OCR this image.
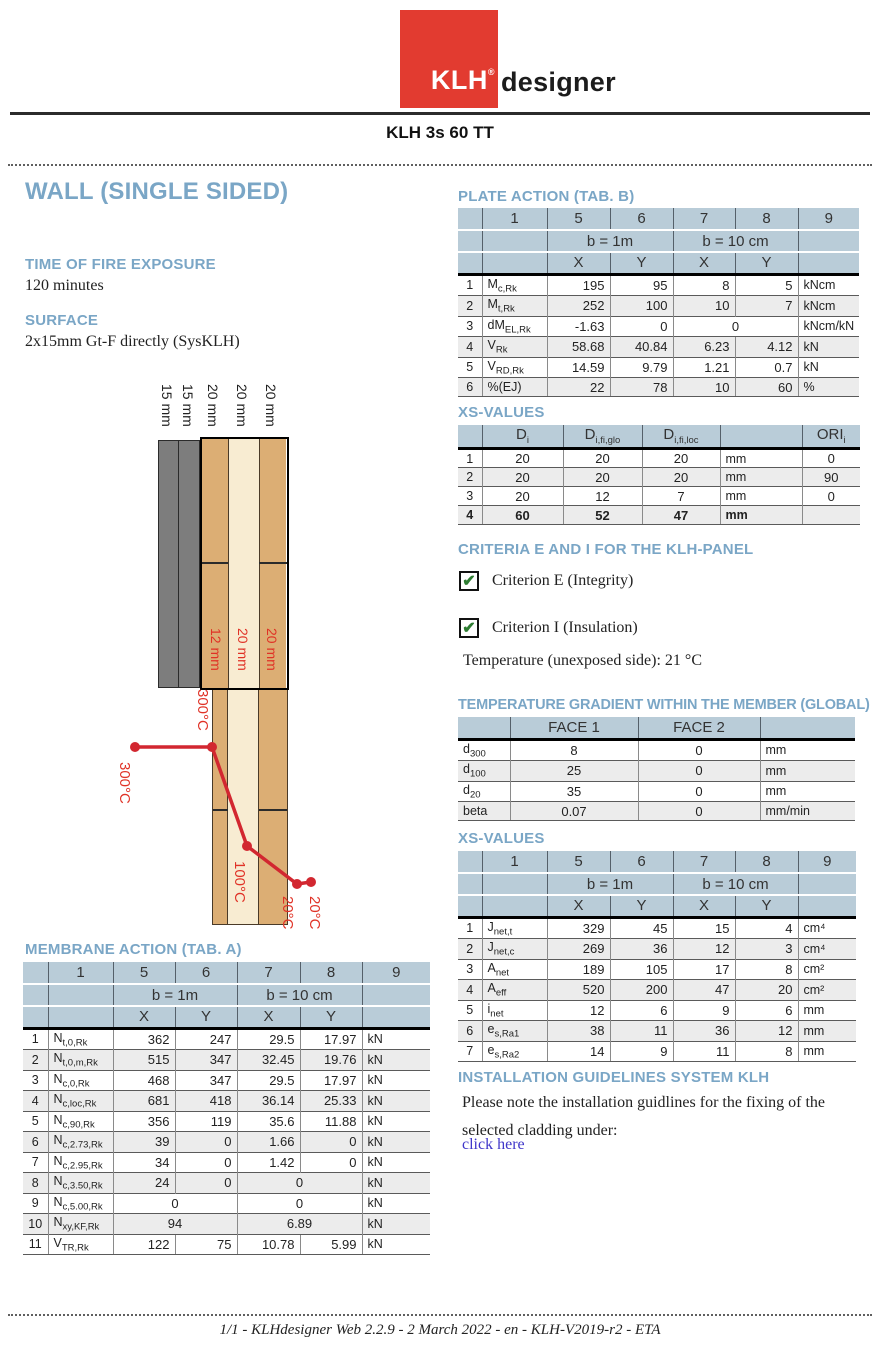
KLH® designer
KLH 3s 60 TT
WALL (SINGLE SIDED)
TIME OF FIRE EXPOSURE
120 minutes
SURFACE
2x15mm Gt-F directly (SysKLH)
15 mm 15 mm 20 mm 20 mm 20 mm
12 mm 20 mm 20 mm
300°C
300°C
100°C
20°C 20°C
MEMBRANE ACTION (TAB. A)
	1	5	6	7	8	9
		b = 1m		b = 10 cm		
		X	Y	X	Y	
1	$N_{t,0,Rk}$	362	247	29.5	17.97	kN
2	$N_{t,0,m,Rk}$	515	347	32.45	19.76	kN
3	$N_{c,0,Rk}$	468	347	29.5	17.97	kN
4	$N_{c,loc,Rk}$	681	418	36.14	25.33	kN
5	$N_{c,90,Rk}$	356	119	35.6	11.88	kN
6	$N_{c,2.73,Rk}$	39	0	1.66	0	kN
7	$N_{c,2.95,Rk}$	34	0	1.42	0	kN
8	$N_{c,3.50,Rk}$	24	0	0		kN
9	$N_{c,5.00,Rk}$	0		0		kN
10	$N_{xy,KF,Rk}$	94		6.89		kN
11	$V_{TR,Rk}$	122	75	10.78	5.99	kN
PLATE ACTION (TAB. B)
	1	5	6	7	8	9
		b = 1m		b = 10 cm		
		X	Y	X	Y	
1	$M_{c,Rk}$	195	95	8	5	kNcm
2	$M_{t,Rk}$	252	100	10	7	kNcm
3	$dM_{EL,Rk}$	-1.63	0	0		kNcm/kN
4	$V_{Rk}$	58.68	40.84	6.23	4.12	kN
5	$V_{RD,Rk}$	14.59	9.79	1.21	0.7	kN
6	%(EJ)	22	78	10	60	%
XS-VALUES
	$D_i$	$D_{i,fi,glo}$	$D_{i,fi,loc}$		$ORI_i$
1	20	20	20	mm	0
2	20	20	20	mm	90
3	20	12	7	mm	0
4	60	52	47	mm	
CRITERIA E AND I FOR THE KLH-PANEL
✔ Criterion E (Integrity)
✔ Criterion I (Insulation)
Temperature (unexposed side): 21 °C
TEMPERATURE GRADIENT WITHIN THE MEMBER (GLOBAL)
	FACE 1	FACE 2	
$d_{300}$	8	0	mm
$d_{100}$	25	0	mm
$d_{20}$	35	0	mm
beta	0.07	0	mm/min
XS-VALUES
	1	5	6	7	8	9
		b = 1m		b = 10 cm		
		X	Y	X	Y	
1	$J_{net,t}$	329	45	15	4	cm⁴
2	$J_{net,c}$	269	36	12	3	cm⁴
3	$A_{net}$	189	105	17	8	cm²
4	$A_{eff}$	520	200	47	20	cm²
5	$i_{net}$	12	6	9	6	mm
6	$e_{s,Ra1}$	38	11	36	12	mm
7	$e_{s,Ra2}$	14	9	11	8	mm
INSTALLATION GUIDELINES SYSTEM KLH
Please note the installation guidlines for the fixing of the
selected cladding under:
click here
1/1 - KLHdesigner Web 2.2.9 - 2 March 2022 - en - KLH-V2019-r2 - ETA
